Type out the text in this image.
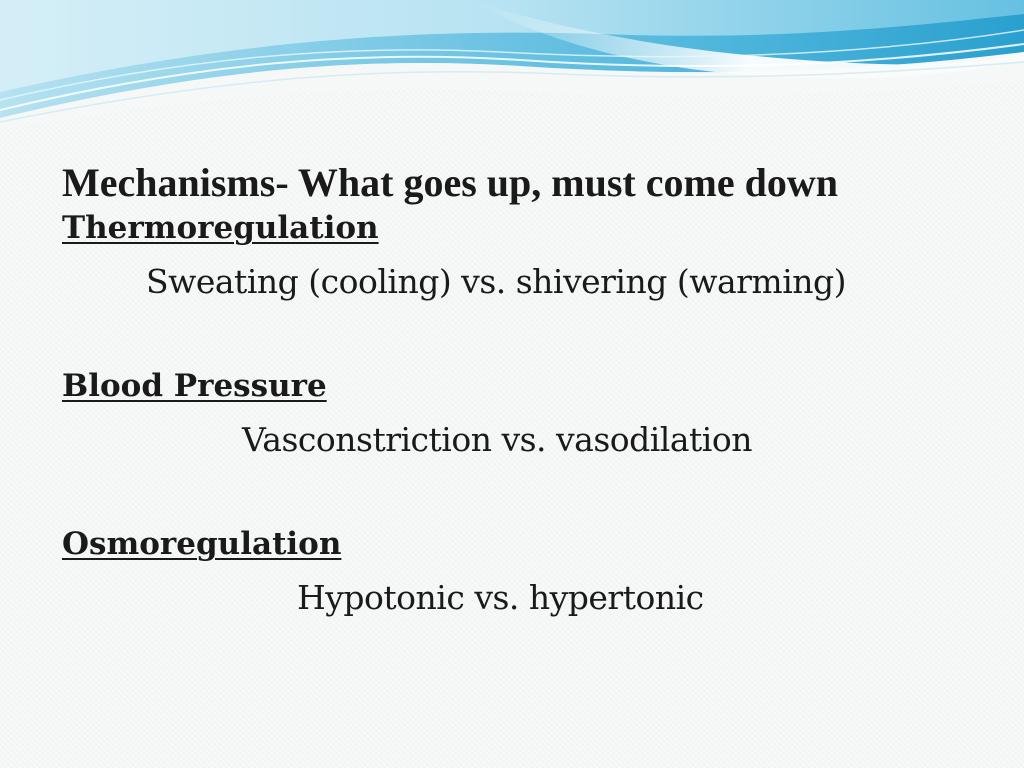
Mechanisms- What goes up, must come down
Thermoregulation
Sweating (cooling) vs. shivering (warming)
Blood Pressure
Vasconstriction vs. vasodilation
Osmoregulation
Hypotonic vs. hypertonic
